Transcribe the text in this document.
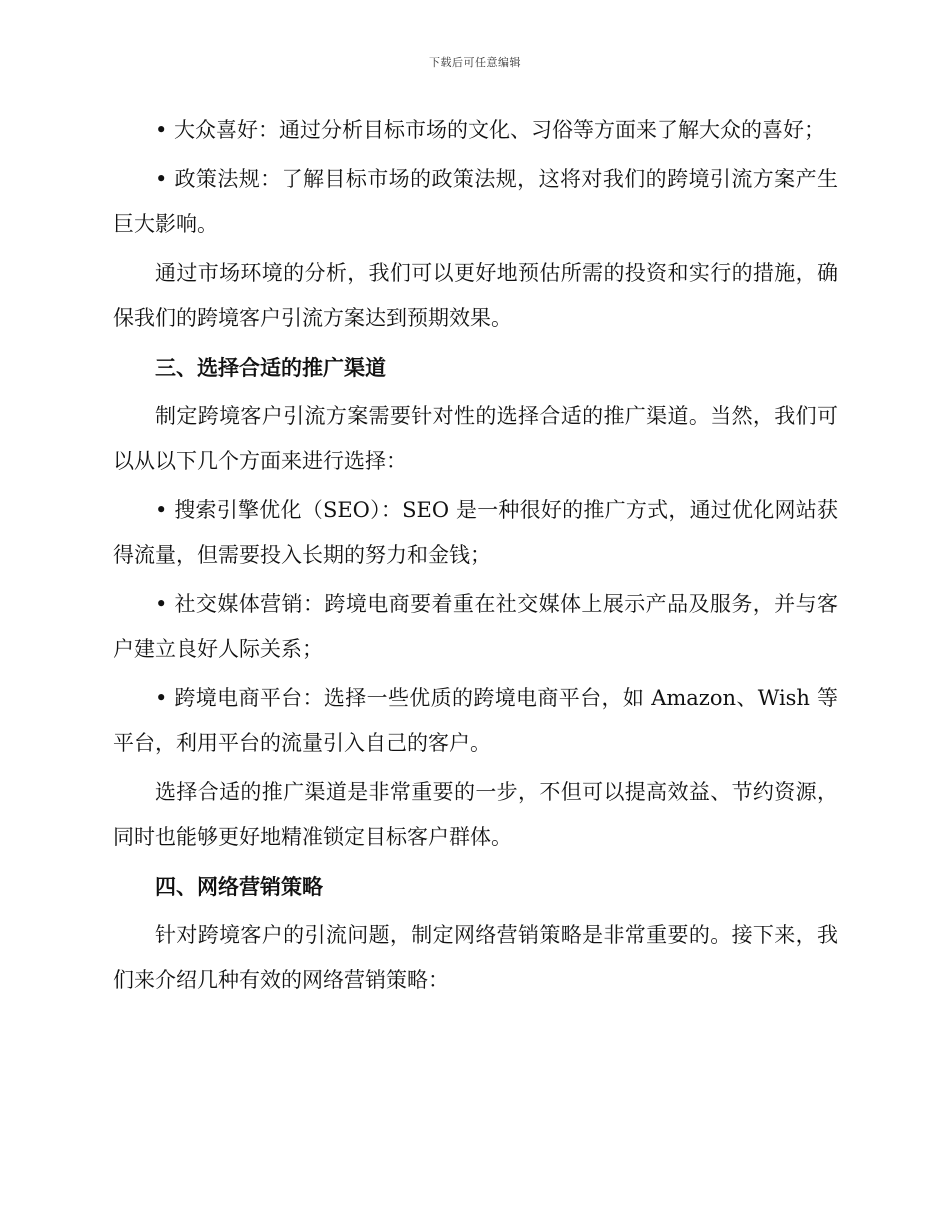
下载后可任意编辑

• 大众喜好：通过分析目标市场的文化、习俗等方面来了解大众的喜好；

• 政策法规：了解目标市场的政策法规，这将对我们的跨境引流方案产生巨大影响。

通过市场环境的分析，我们可以更好地预估所需的投资和实行的措施，确保我们的跨境客户引流方案达到预期效果。

三、选择合适的推广渠道

制定跨境客户引流方案需要针对性的选择合适的推广渠道。当然，我们可以从以下几个方面来进行选择：

• 搜索引擎优化（SEO）：SEO 是一种很好的推广方式，通过优化网站获得流量，但需要投入长期的努力和金钱；

• 社交媒体营销：跨境电商要着重在社交媒体上展示产品及服务，并与客户建立良好人际关系；

• 跨境电商平台：选择一些优质的跨境电商平台，如 Amazon、Wish 等平台，利用平台的流量引入自己的客户。

选择合适的推广渠道是非常重要的一步，不但可以提高效益、节约资源，同时也能够更好地精准锁定目标客户群体。

四、网络营销策略

针对跨境客户的引流问题，制定网络营销策略是非常重要的。接下来，我们来介绍几种有效的网络营销策略：
